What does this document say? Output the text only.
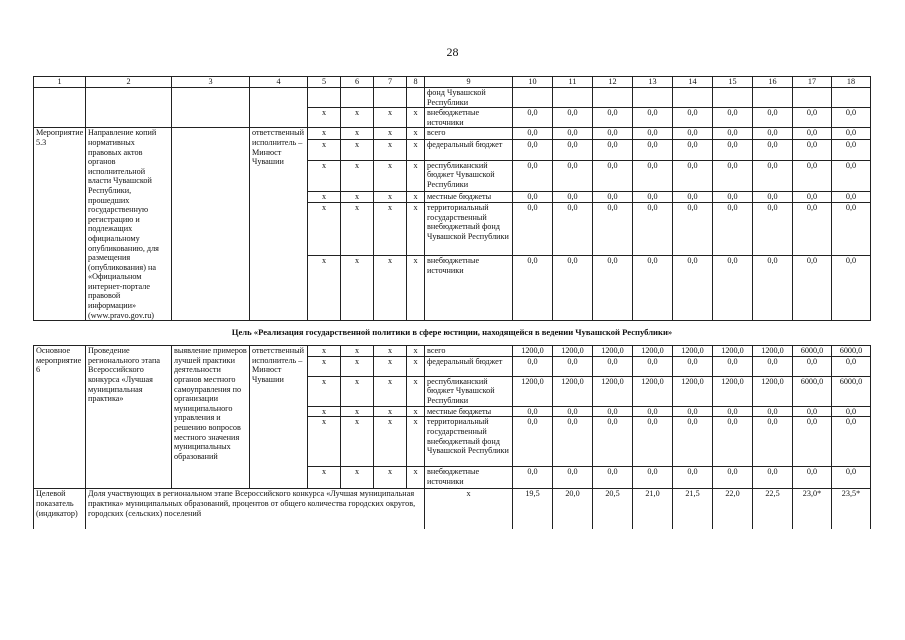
28
1	2	3	4	5	6	7	8	9	10	11	12	13	14	15	16	17	18
								фонд Чувашской Республики									
				x	x	x	x	внебюджетные источники	0,0	0,0	0,0	0,0	0,0	0,0	0,0	0,0	0,0
Мероприятие 5.3	Направление копий нормативных правовых актов органов исполнительной власти Чувашской Республики, прошедших государственную регистрацию и подлежащих официальному опубликованию, для размещения (опубликования) на «Официальном интернет-портале правовой информации» (www.pravo.gov.ru)		ответственный исполнитель – Минюст Чувашии	x	x	x	x	всего	0,0	0,0	0,0	0,0	0,0	0,0	0,0	0,0	0,0
				x	x	x	x	федеральный бюджет	0,0	0,0	0,0	0,0	0,0	0,0	0,0	0,0	0,0
				x	x	x	x	республиканский бюджет Чувашской Республики	0,0	0,0	0,0	0,0	0,0	0,0	0,0	0,0	0,0
				x	x	x	x	местные бюджеты	0,0	0,0	0,0	0,0	0,0	0,0	0,0	0,0	0,0
				x	x	x	x	территориальный государственный внебюджетный фонд Чувашской Республики	0,0	0,0	0,0	0,0	0,0	0,0	0,0	0,0	0,0
				x	x	x	x	внебюджетные источники	0,0	0,0	0,0	0,0	0,0	0,0	0,0	0,0	0,0
Цель «Реализация государственной политики в сфере юстиции, находящейся в ведении Чувашской Республики»																	
Основное мероприятие 6	Проведение регионального этапа Всероссийского конкурса «Лучшая муниципальная практика»	выявление примеров лучшей практики деятельности органов местного самоуправления по организации муниципального управления и решению вопросов местного значения муниципальных образований	ответственный исполнитель – Минюст Чувашии	x	x	x	x	всего	1200,0	1200,0	1200,0	1200,0	1200,0	1200,0	1200,0	6000,0	6000,0
				x	x	x	x	федеральный бюджет	0,0	0,0	0,0	0,0	0,0	0,0	0,0	0,0	0,0
				x	x	x	x	республиканский бюджет Чувашской Республики	1200,0	1200,0	1200,0	1200,0	1200,0	1200,0	1200,0	6000,0	6000,0
				x	x	x	x	местные бюджеты	0,0	0,0	0,0	0,0	0,0	0,0	0,0	0,0	0,0
				x	x	x	x	территориальный государственный внебюджетный фонд Чувашской Республики	0,0	0,0	0,0	0,0	0,0	0,0	0,0	0,0	0,0
				x	x	x	x	внебюджетные источники	0,0	0,0	0,0	0,0	0,0	0,0	0,0	0,0	0,0
Целевой показатель (индикатор)	Доля участвующих в региональном этапе Всероссийского конкурса «Лучшая муниципальная практика» муниципальных образований, процентов от общего количества городских округов, городских (сельских) поселений							x	19,5	20,0	20,5	21,0	21,5	22,0	22,5	23,0*	23,5*
